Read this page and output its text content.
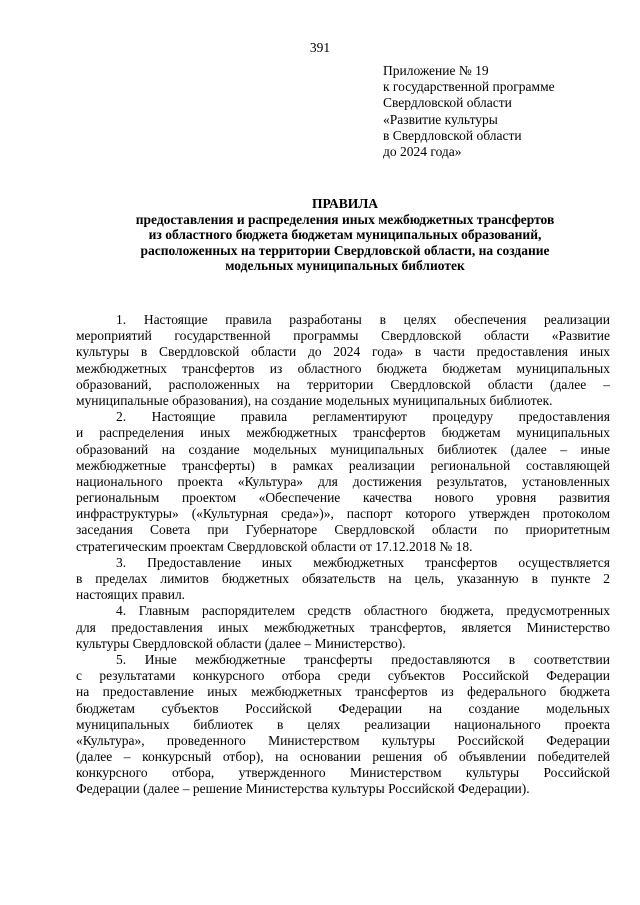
391
Приложение № 19
к государственной программе
Свердловской области
«Развитие культуры
в Свердловской области
до 2024 года»
ПРАВИЛА
предоставления и распределения иных межбюджетных трансфертов
из областного бюджета бюджетам муниципальных образований,
расположенных на территории Свердловской области, на создание
модельных муниципальных библиотек
1. Настоящие правила разработаны в целях обеспечения реализации
мероприятий государственной программы Свердловской области «Развитие
культуры в Свердловской области до 2024 года» в части предоставления иных
межбюджетных трансфертов из областного бюджета бюджетам муниципальных
образований, расположенных на территории Свердловской области (далее –
муниципальные образования), на создание модельных муниципальных библиотек.
2. Настоящие правила регламентируют процедуру предоставления
и распределения иных межбюджетных трансфертов бюджетам муниципальных
образований на создание модельных муниципальных библиотек (далее – иные
межбюджетные трансферты) в рамках реализации региональной составляющей
национального проекта «Культура» для достижения результатов, установленных
региональным проектом «Обеспечение качества нового уровня развития
инфраструктуры» («Культурная среда»)», паспорт которого утвержден протоколом
заседания Совета при Губернаторе Свердловской области по приоритетным
стратегическим проектам Свердловской области от 17.12.2018 № 18.
3. Предоставление иных межбюджетных трансфертов осуществляется
в пределах лимитов бюджетных обязательств на цель, указанную в пункте 2
настоящих правил.
4. Главным распорядителем средств областного бюджета, предусмотренных
для предоставления иных межбюджетных трансфертов, является Министерство
культуры Свердловской области (далее – Министерство).
5. Иные межбюджетные трансферты предоставляются в соответствии
с результатами конкурсного отбора среди субъектов Российской Федерации
на предоставление иных межбюджетных трансфертов из федерального бюджета
бюджетам субъектов Российской Федерации на создание модельных
муниципальных библиотек в целях реализации национального проекта
«Культура», проведенного Министерством культуры Российской Федерации
(далее – конкурсный отбор), на основании решения об объявлении победителей
конкурсного отбора, утвержденного Министерством культуры Российской
Федерации (далее – решение Министерства культуры Российской Федерации).
